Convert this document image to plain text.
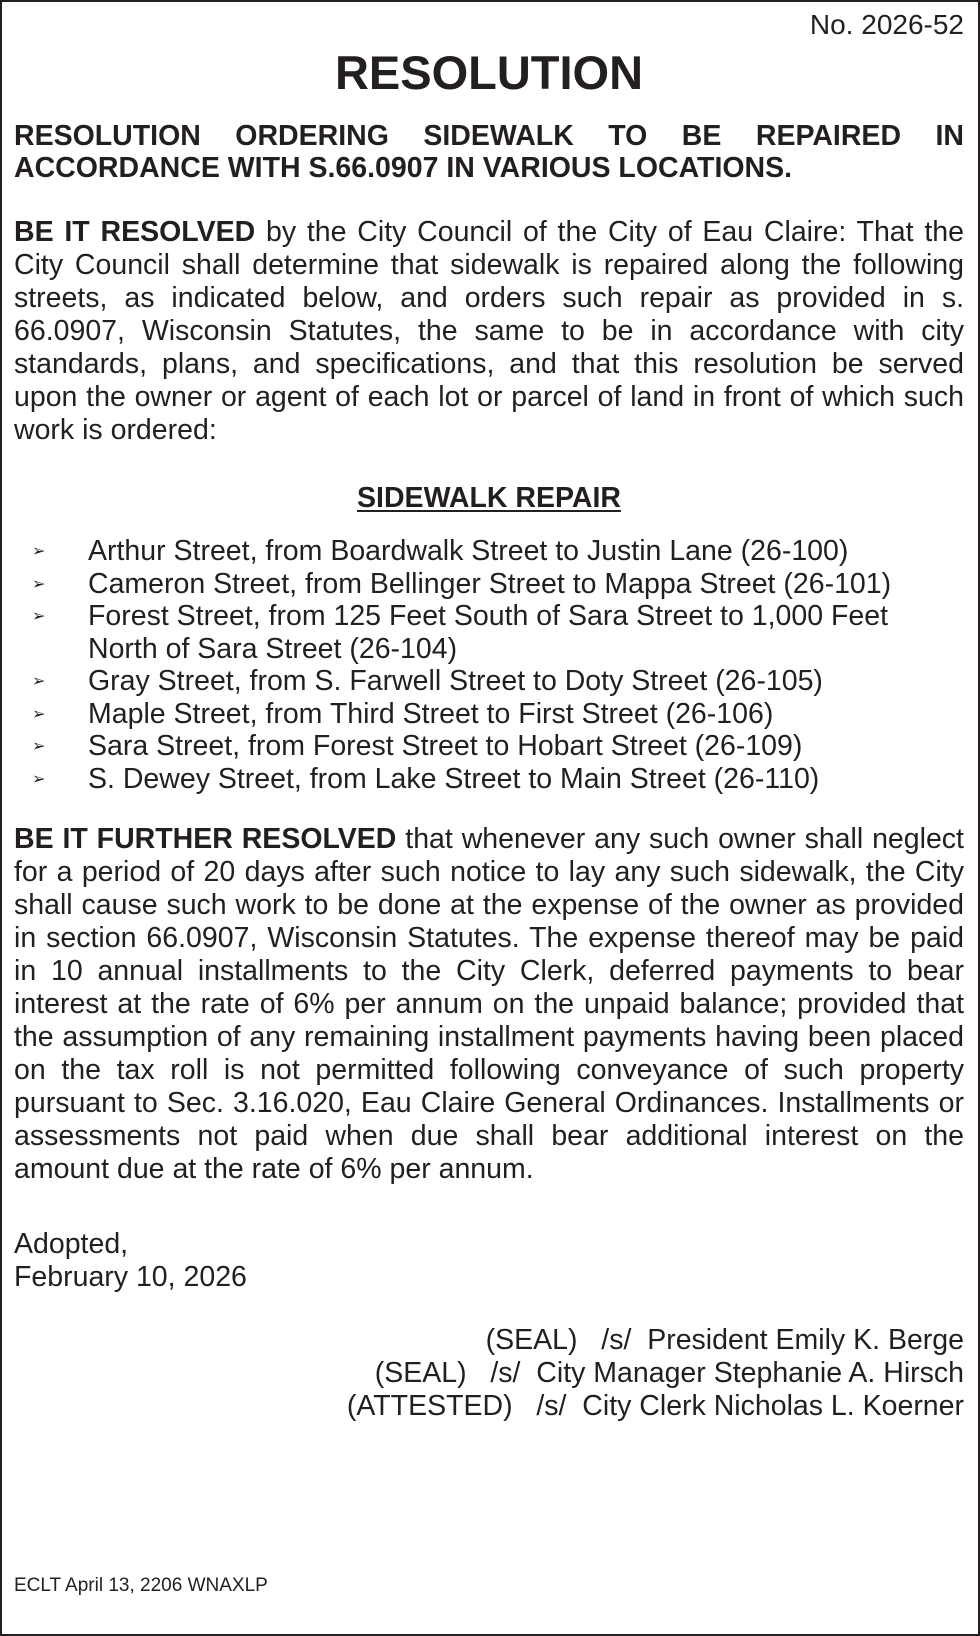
No. 2026-52

RESOLUTION

RESOLUTION ORDERING SIDEWALK TO BE REPAIRED IN ACCORDANCE WITH S.66.0907 IN VARIOUS LOCATIONS.

BE IT RESOLVED by the City Council of the City of Eau Claire: That the City Council shall determine that sidewalk is repaired along the following streets, as indicated below, and orders such repair as provided in s. 66.0907, Wisconsin Statutes, the same to be in accordance with city standards, plans, and specifications, and that this resolution be served upon the owner or agent of each lot or parcel of land in front of which such work is ordered:

SIDEWALK REPAIR
➢ Arthur Street, from Boardwalk Street to Justin Lane (26-100)
➢ Cameron Street, from Bellinger Street to Mappa Street (26-101)
➢ Forest Street, from 125 Feet South of Sara Street to 1,000 Feet North of Sara Street (26-104)
➢ Gray Street, from S. Farwell Street to Doty Street (26-105)
➢ Maple Street, from Third Street to First Street (26-106)
➢ Sara Street, from Forest Street to Hobart Street (26-109)
➢ S. Dewey Street, from Lake Street to Main Street (26-110)

BE IT FURTHER RESOLVED that whenever any such owner shall neglect for a period of 20 days after such notice to lay any such sidewalk, the City shall cause such work to be done at the expense of the owner as provided in section 66.0907, Wisconsin Statutes. The expense thereof may be paid in 10 annual installments to the City Clerk, deferred payments to bear interest at the rate of 6% per annum on the unpaid balance; provided that the assumption of any remaining installment payments having been placed on the tax roll is not permitted following conveyance of such property pursuant to Sec. 3.16.020, Eau Claire General Ordinances. Installments or assessments not paid when due shall bear additional interest on the amount due at the rate of 6% per annum.

Adopted,
February 10, 2026

(SEAL)   /s/  President Emily K. Berge

(SEAL)   /s/  City Manager Stephanie A. Hirsch

(ATTESTED)   /s/  City Clerk Nicholas L. Koerner

ECLT April 13, 2206 WNAXLP
